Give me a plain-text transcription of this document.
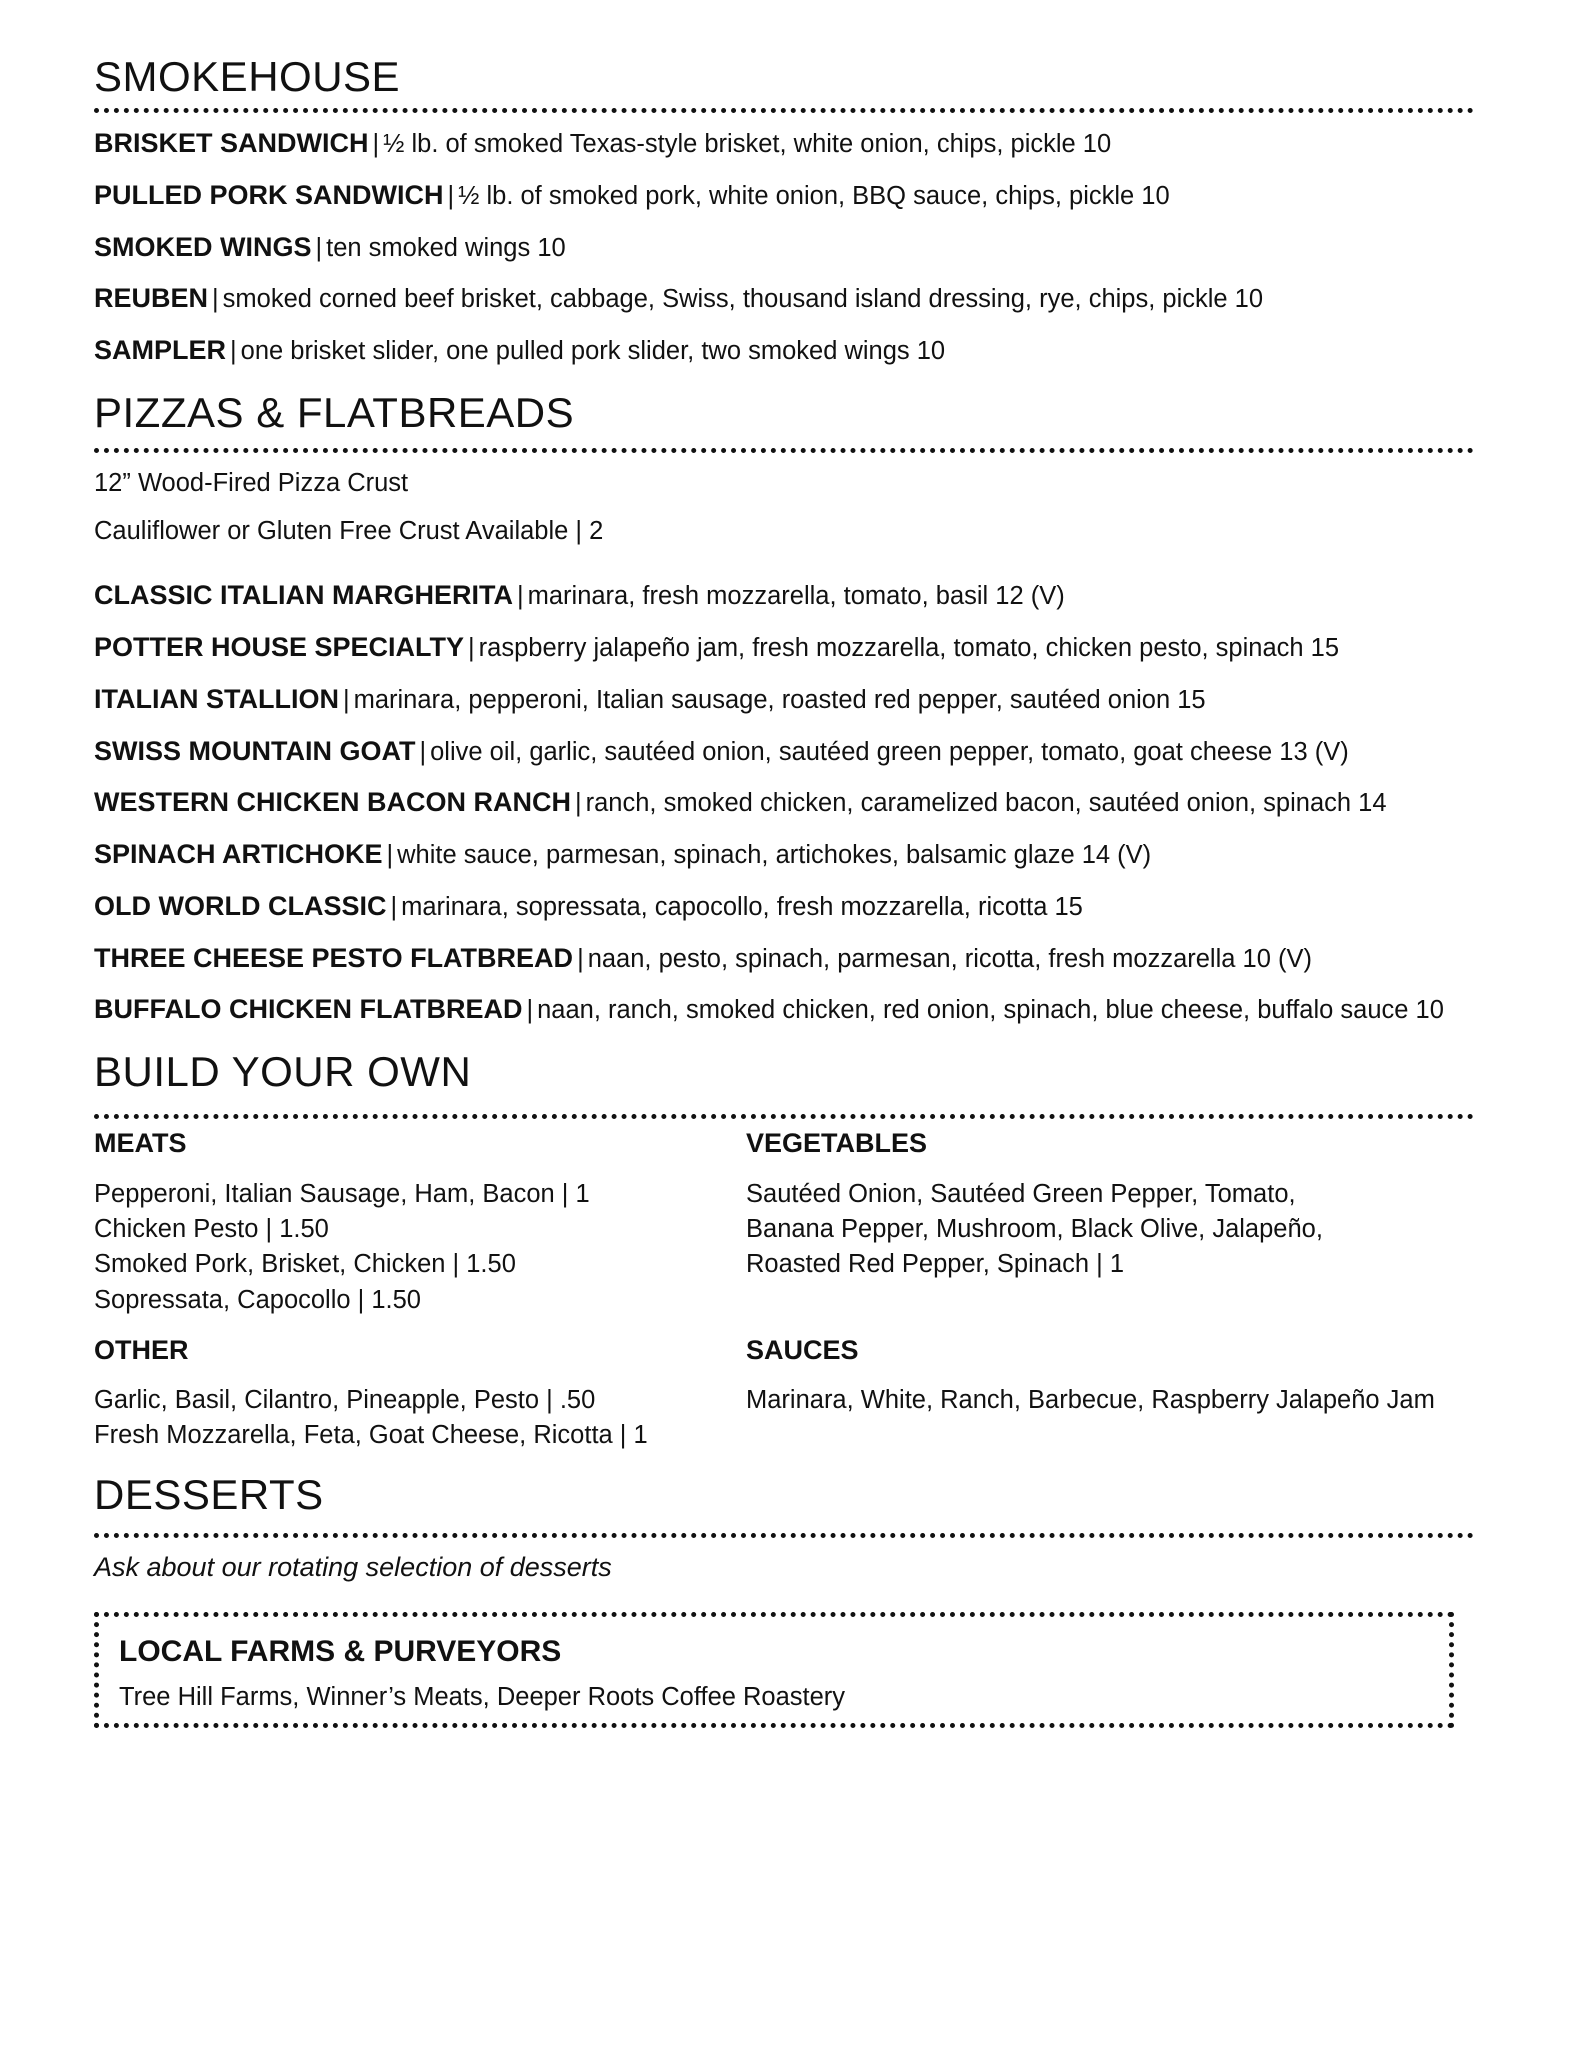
SMOKEHOUSE
BRISKET SANDWICH | ½ lb. of smoked Texas-style brisket, white onion, chips, pickle 10
PULLED PORK SANDWICH | ½ lb. of smoked pork, white onion, BBQ sauce, chips, pickle 10
SMOKED WINGS | ten smoked wings 10
REUBEN | smoked corned beef brisket, cabbage, Swiss, thousand island dressing, rye, chips, pickle 10
SAMPLER | one brisket slider, one pulled pork slider, two smoked wings 10
PIZZAS & FLATBREADS
12” Wood-Fired Pizza Crust
Cauliflower or Gluten Free Crust Available | 2
CLASSIC ITALIAN MARGHERITA | marinara, fresh mozzarella, tomato, basil 12 (V)
POTTER HOUSE SPECIALTY | raspberry jalapeño jam, fresh mozzarella, tomato, chicken pesto, spinach 15
ITALIAN STALLION | marinara, pepperoni, Italian sausage, roasted red pepper, sautéed onion 15
SWISS MOUNTAIN GOAT | olive oil, garlic, sautéed onion, sautéed green pepper, tomato, goat cheese 13 (V)
WESTERN CHICKEN BACON RANCH | ranch, smoked chicken, caramelized bacon, sautéed onion, spinach 14
SPINACH ARTICHOKE | white sauce, parmesan, spinach, artichokes, balsamic glaze 14 (V)
OLD WORLD CLASSIC | marinara, sopressata, capocollo, fresh mozzarella, ricotta 15
THREE CHEESE PESTO FLATBREAD | naan, pesto, spinach, parmesan, ricotta, fresh mozzarella 10 (V)
BUFFALO CHICKEN FLATBREAD | naan, ranch, smoked chicken, red onion, spinach, blue cheese, buffalo sauce 10
BUILD YOUR OWN
MEATS
Pepperoni, Italian Sausage, Ham, Bacon | 1
Chicken Pesto | 1.50
Smoked Pork, Brisket, Chicken | 1.50
Sopressata, Capocollo | 1.50
VEGETABLES
Sautéed Onion, Sautéed Green Pepper, Tomato,
Banana Pepper, Mushroom, Black Olive, Jalapeño,
Roasted Red Pepper, Spinach | 1
OTHER
Garlic, Basil, Cilantro, Pineapple, Pesto | .50
Fresh Mozzarella, Feta, Goat Cheese, Ricotta | 1
SAUCES
Marinara, White, Ranch, Barbecue, Raspberry Jalapeño Jam
DESSERTS
Ask about our rotating selection of desserts
LOCAL FARMS & PURVEYORS
Tree Hill Farms, Winner’s Meats, Deeper Roots Coffee Roastery
